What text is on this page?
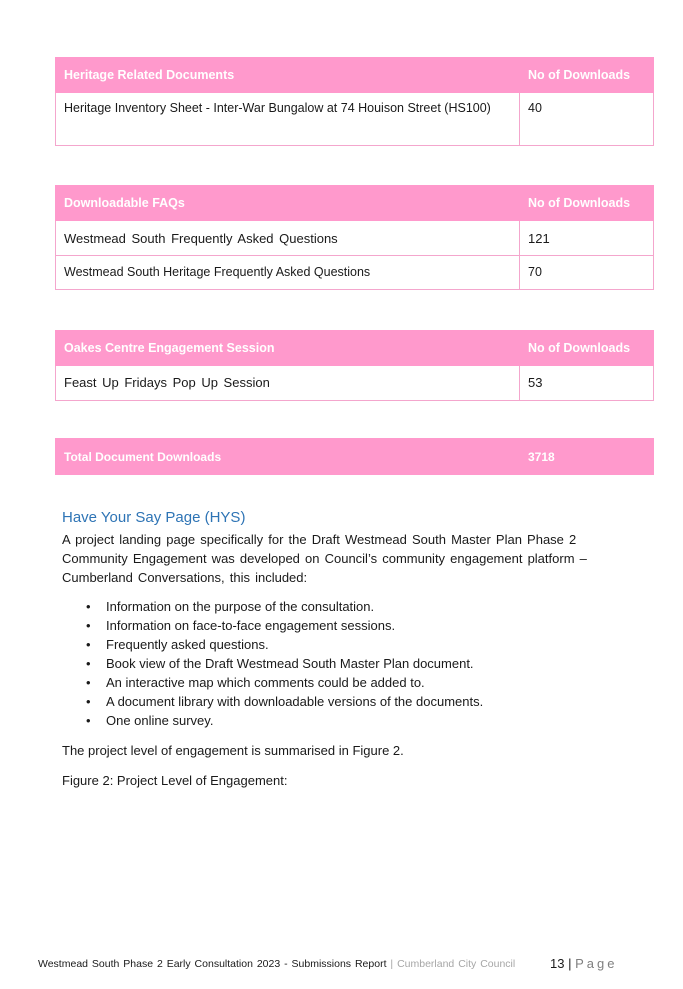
Heritage Related Documents	No of Downloads
Heritage Inventory Sheet - Inter-War Bungalow at 74 Houison Street (HS100)	40
Downloadable FAQs	No of Downloads
Westmead South Frequently Asked Questions	121
Westmead South Heritage Frequently Asked Questions	70
Oakes Centre Engagement Session	No of Downloads
Feast Up Fridays Pop Up Session	53
Total Document Downloads	3718
Have Your Say Page (HYS)

A project landing page specifically for the Draft Westmead South Master Plan Phase 2 Community Engagement was developed on Council’s community engagement platform – Cumberland Conversations, this included:

• Information on the purpose of the consultation.
• Information on face-to-face engagement sessions.
• Frequently asked questions.
• Book view of the Draft Westmead South Master Plan document.
• An interactive map which comments could be added to.
• A document library with downloadable versions of the documents.
• One online survey.

The project level of engagement is summarised in Figure 2.

Figure 2: Project Level of Engagement:

Westmead South Phase 2 Early Consultation 2023 - Submissions Report | Cumberland City Council	13 | Page
